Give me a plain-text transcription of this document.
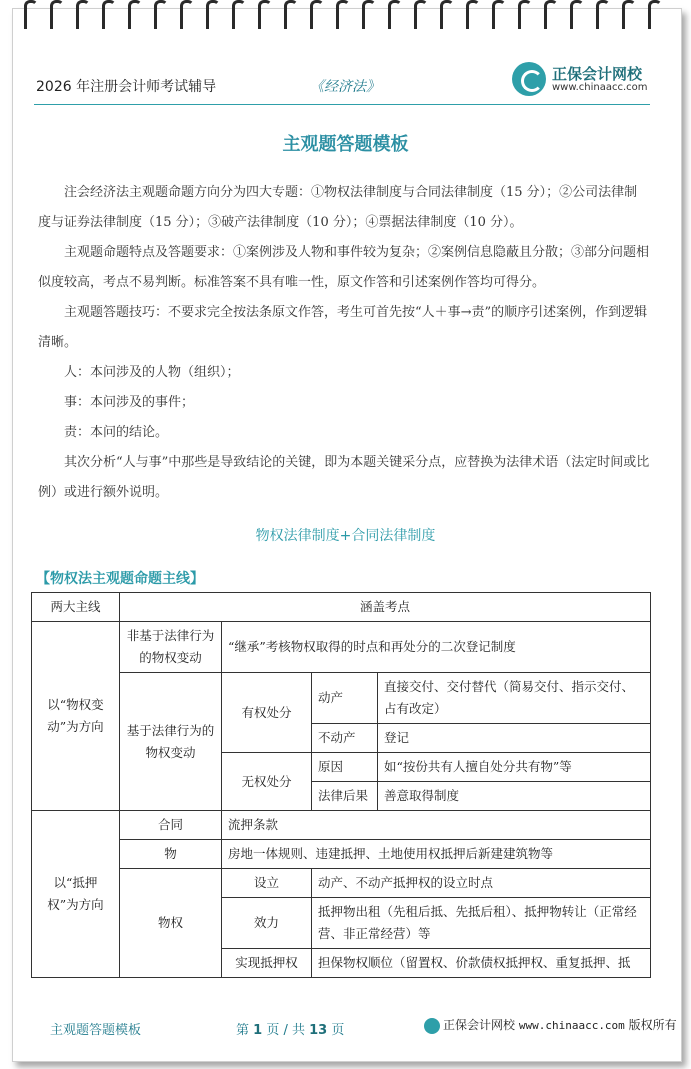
2026 年注册会计师考试辅导	《经济法》
正保会计网校
www.chinaacc.com
主观题答题模板

注会经济法主观题命题方向分为四大专题：①物权法律制度与合同法律制度（15 分）；②公司法律制度与证券法律制度（15 分）；③破产法律制度（10 分）；④票据法律制度（10 分）。

主观题命题特点及答题要求：①案例涉及人物和事件较为复杂；②案例信息隐蔽且分散；③部分问题相似度较高，考点不易判断。标准答案不具有唯一性，原文作答和引述案例作答均可得分。

主观题答题技巧：不要求完全按法条原文作答，考生可首先按“人＋事→责”的顺序引述案例，作到逻辑清晰。

人：本问涉及的人物（组织）；

事：本问涉及的事件；

责：本问的结论。

其次分析“人与事”中那些是导致结论的关键，即为本题关键采分点，应替换为法律术语（法定时间或比例）或进行额外说明。

物权法律制度+合同法律制度
【物权法主观题命题主线】
两大主线	涵盖考点			
以“物权变动”为方向	非基于法律行为的物权变动	“继承”考核物权取得的时点和再处分的二次登记制度		
	基于法律行为的物权变动	有权处分	动产	直接交付、交付替代（简易交付、指示交付、占有改定）
			不动产	登记
		无权处分	原因	如“按份共有人擅自处分共有物”等
			法律后果	善意取得制度
以“抵押权”为方向	合同	流押条款		
	物	房地一体规则、违建抵押、土地使用权抵押后新建建筑物等		
	物权	设立	动产、不动产抵押权的设立时点	
		效力	抵押物出租（先租后抵、先抵后租）、抵押物转让（正常经营、非正常经营）等	
		实现抵押权	担保物权顺位（留置权、价款债权抵押权、重复抵押、抵	
主观题答题模板	第 1 页 / 共 13 页	正保会计网校 www.chinaacc.com 版权所有
